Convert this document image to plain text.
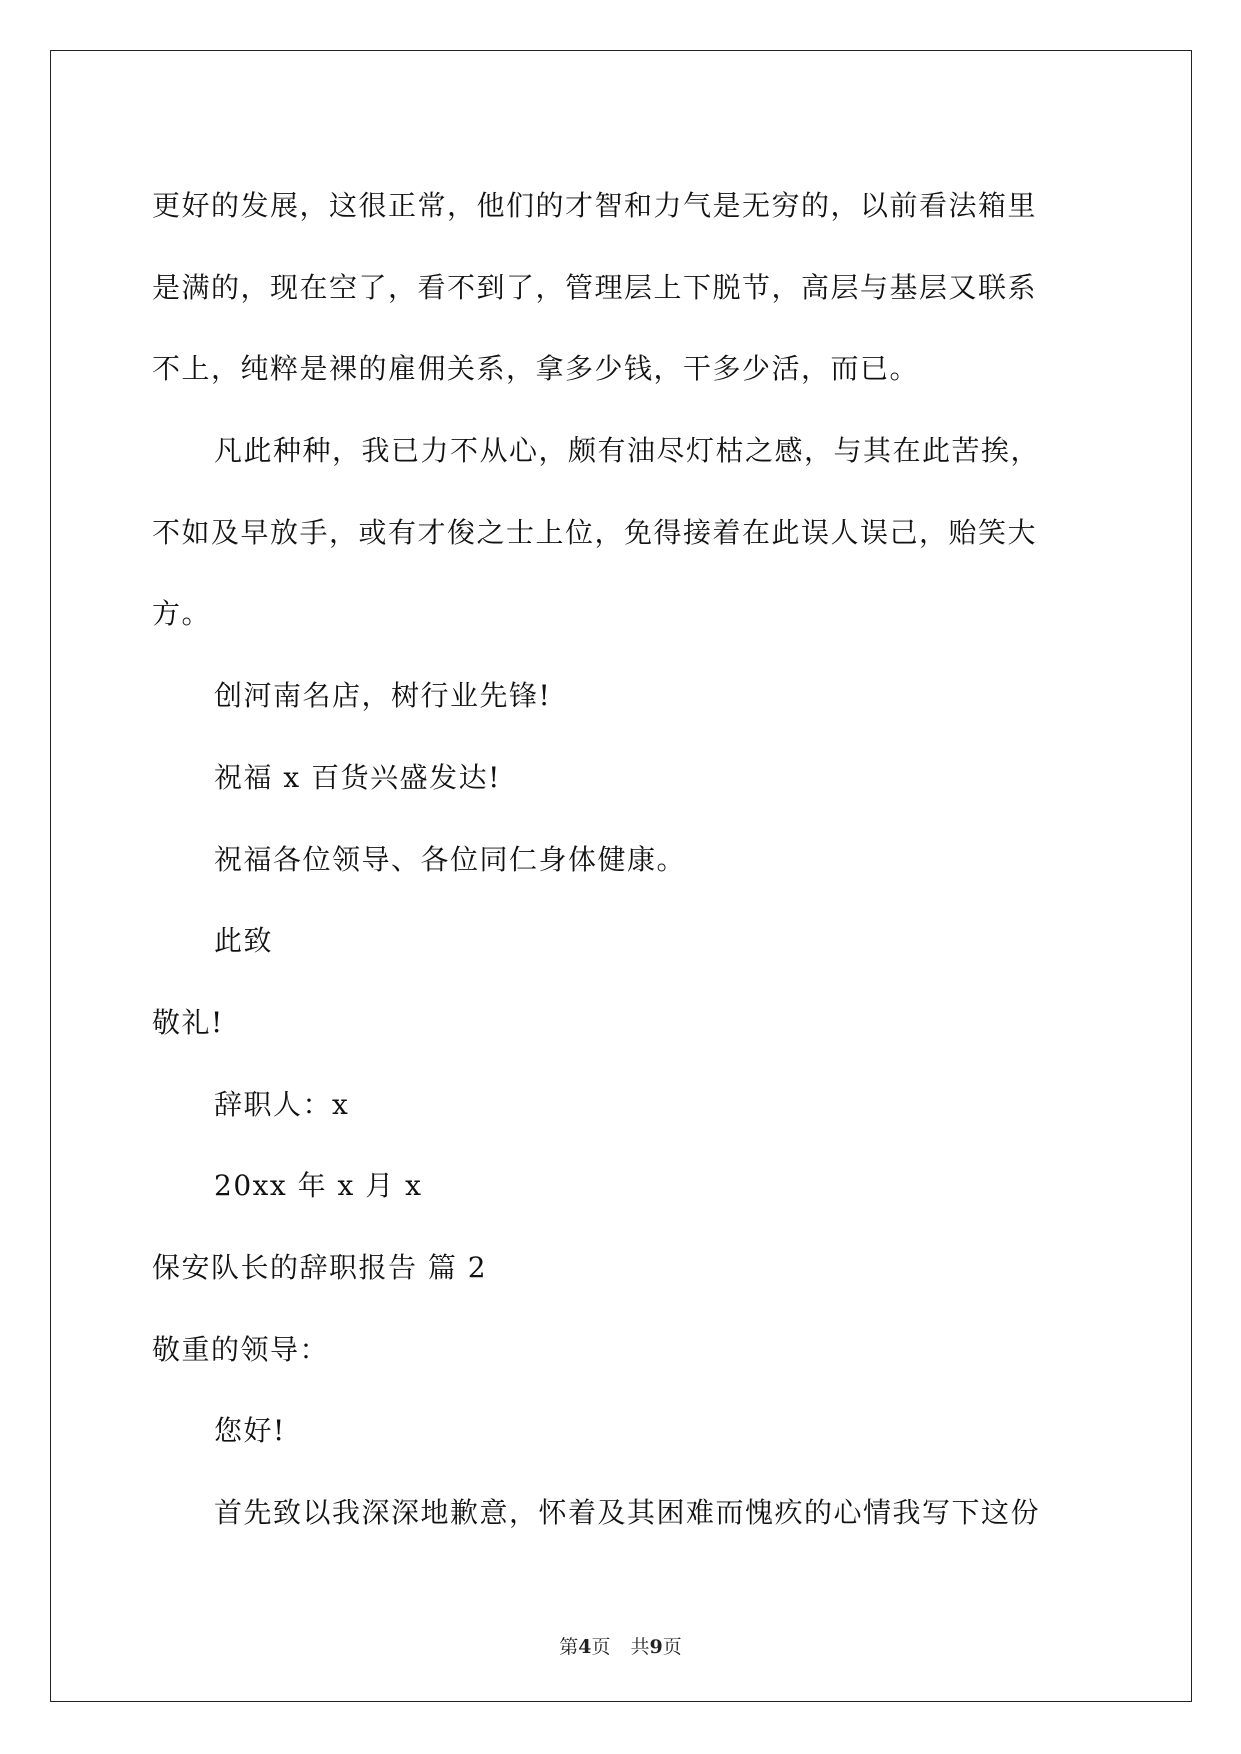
更好的发展，这很正常，他们的才智和力气是无穷的，以前看法箱里
是满的，现在空了，看不到了，管理层上下脱节，高层与基层又联系
不上，纯粹是裸的雇佣关系，拿多少钱，干多少活，而已。
凡此种种，我已力不从心，颇有油尽灯枯之感，与其在此苦挨，
不如及早放手，或有才俊之士上位，免得接着在此误人误己，贻笑大
方。
创河南名店，树行业先锋!
祝福 x 百货兴盛发达!
祝福各位领导、各位同仁身体健康。
此致
敬礼!
辞职人：x
20xx 年 x 月 x
保安队长的辞职报告 篇 2
敬重的领导：
您好!
首先致以我深深地歉意，怀着及其困难而愧疚的心情我写下这份
第4页 共9页
